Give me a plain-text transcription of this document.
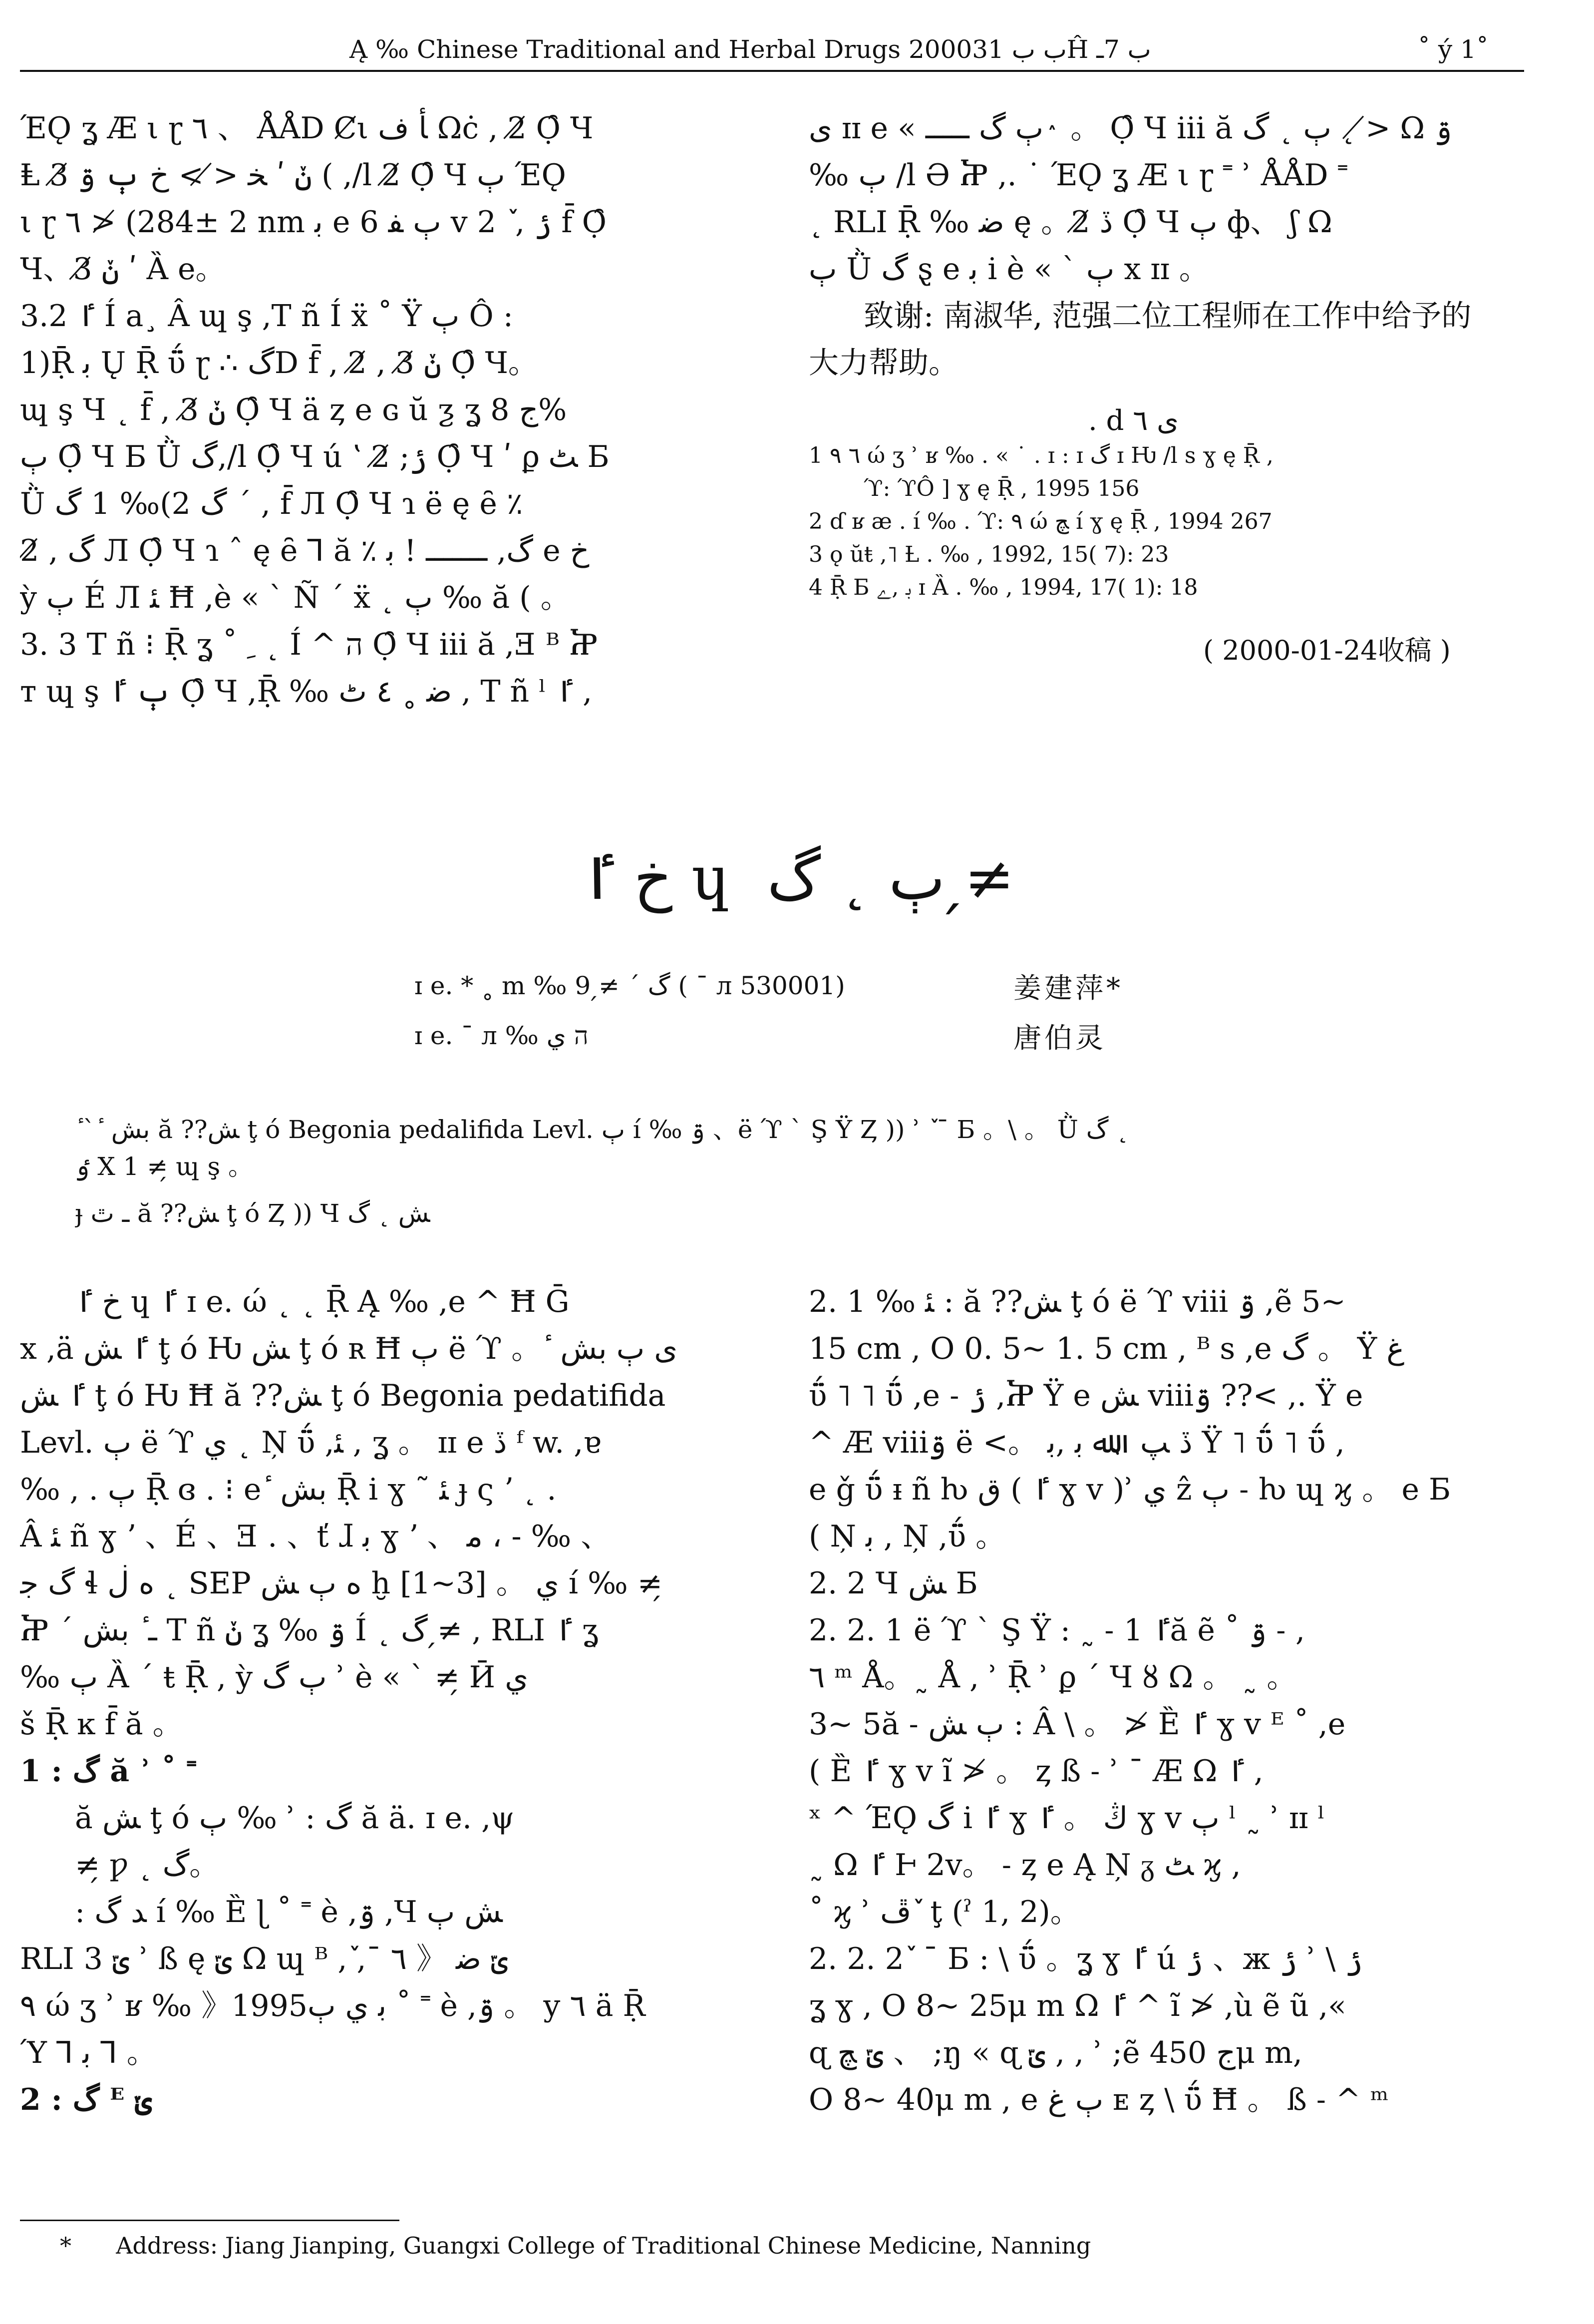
Ą ‰ Chinese Traditional and Herbal Drugs 2000ب ب 31Ĥ ب 7ـ	˚ ý 1˚
ΈǪ ʓ Æ ι ɽ ٦ 、 ÅÅD Ȼι ﺄ ف Ωċ , 2̸ Ọ̑ Ч
Ⱡ 3̸ ݩ ʹ ﺨ ≯ > ﺥ ٻ ۊ ( ,/l 2̸ Ọ̑ Ч ٻ ΈǪ
ι ɽ ٦ ≯ (284± 2 nm ﺑ e 6 ٻ ﻔ v 2 ٚ , ݬ f̄ Ọ̑
Ч、3̸ ݩ ʹ Ȁ e。
3.2 ٵ Í a¸ Â ɰ ş ,T ñ Í ẍ ˚ Ÿ ٻ Ô :
1)Ṝ ﺑ Ų Ṝ ΰ̈ ɽ ∴ ﮒD f̄ , 2̸ , 3̸ ݩ Ọ̑ Ч。
ɰ ş Ч ˛ f̄ , 3̸ ݩ Ọ̑ Ч ä ȥ e ɢ ŭ ƺ ʓ ج 8%
ٻ Ọ̑ Ч Б Ǜ ﮒ,/l Ọ̑ Ч ú ʽ ݬ; 2̸ Ọ̑ Ч ʹ ϼ ﭧ Б
Ǜ ﮒ 2)‰ 1 ﮒ ˊ , f̄ Л Ọ̑ Ч ɿ ë ę ȇ ٪
ﮒ , 2̸ Л Ọ̑ Ч ɿ ˆ ę ȇ ⅂ ӑ ٪ ﮒ, ـــــــ ! ﺑ e ﺥ
ỳ ٻ É Л ﺌ Ħ ,è « ` Ñ ´ ẍ ˛ ٻ ‰ ӑ ( 。
3. 3 T ñ ⁝ Ṝ ʓ ˚ ﹺ ˛ Í ^ ה Ọ̑ Ч iii ӑ ,Ǝ ᴮ Ⴟ
т ɰ ş ٻ ٵ Ọ̑ Ч ,Ṝ ‰ ﺿ ˳ ٤ ٹ , T ñ ˡ ٵ ,
ى ɪɪ e « ٻ ﮒ ـــــ ٛ 。 Ọ̑ Ч iii ӑ ٻ ˛ ﮒ ˛ ≯ Ω ۊ
‰ ٻ /l Ə Ⴟ ,. ˙ ΈǪ ʓ Æ ι ɽ ˭ ʾ ÅÅD ˭
˛ RLI Ṝ ‰ ﺿ ę 。ڏ 2̸ Ọ̑ Ч ٻ ф、 ʃ Ω
ٻ Ǜ ﮒ ȿ e ﺑ i è « ` ٻ x ɪɪ 。
致谢: 南淑华, 范强二位工程师在工作中给予的
大力帮助。
. d ى ٦
1 ٦ ٩ ώ ʒ ʾ ʁ ‰ . « ˙ . ɪ : ɪ ﮒ ɪ Ƕ /l s ɣ ę Ṝ ,
ϓ: ϓÔ ] ɣ ę Ṝ , 1995 156
2 ɗ ʁ æ . í ‰ . ϓ: ٩ ώ ﭻ í ɣ ę Ṝ , 1994 267
3 ǫ ŭŧ ,˥ Ƚ . ‰ , 1992, 15( 7): 23
4 Ṝ Б ﺑ ,ﮮ ɪ Ȁ . ‰ , 1994, 17( 1): 18
( 2000-01-24收稿 )
ﺥ ٵ ɥ ٻ ˛ ﮒ ≠̗
ɪ e. * ˳ m ‰ ﮒ ´ ≠̗ 9 ( ¯ л 530001)	姜建萍*
ɪ e. ¯ л ‰ ה ي	唐伯灵
ٔ ˋ ٔ ﺑﺶ ӑ ??ﺶ ţ ó Begonia pedalifida Levl. ٻ í ‰ ۊ 、ë ϓ ` Ş Ÿ Ȥ )) ʾ ٚ ¯ Б 。\ 。 Ǜ ﮒ ˛
ٶ X 1 ≠̗ ɰ ş 。
ɟ ـ ٿ ӑ ??ﺶ ţ ó Ȥ )) Ч ﺶ ˛ ﮒ
ﺥ ٵ ɥ ٵ ɪ e. ώ ˛ ˛ Ṝ Ą ‰ ,e ^ Ħ Ḡ
x ,ä ٵ ﺶ ţ ó Ƕ ﺶ ţ ó ʀ Ħ ٻ ë ϓ 。 ٔ ى ٻ ﺑﺶ
ٵ ﺶ ţ ó Ƕ Ħ ӑ ??ﺶ ţ ó Begonia pedatifida
Levl. ٻ ë ϓ ي ˛ Ņ ΰ̈ ,ﺌ , ʓ 。 ɪɪ e ڏ ᶠ w. ,ɐ
‰ , . ٻ Ṝ ɞ . ⁝ e ٔ ﺑﺶ Ṝ i ɣ ˜ ﺌ ɟ ς ʼ ˛ .
Â ﺌ ñ ɣ ʼ 、É 、Ǝ . 、ť ɺ ﺑ ɣ ʼ 、 ﻣ ، - ‰ 、
ﮒ ﺟ ɬ ﻩ ڶ ˛ SEP ﻩ ٻ ﺶ ḫ [1~3] 。 ي í ‰ ≠̗
Ⴟ ´ ـ ٔ ﺑﺶ T ñ ݩ ʓ ‰ ۊ Í ˛ ﮒ ≠̗ , RLI ٵ ʓ
‰ ٻ Ȁ ´ ŧ Ṝ , ỳ ٻ ﮒ ʾ è « ` ≠̗ Ӣ ي
š Ṝ ĸ f̄ ӑ 。
1 : ﮒ ӑ ʾ ˚ ˭
ӑ ﺶ ţ ó ٻ ‰ ʾ : ﮒ ӑ ä. ɪ e. ,ψ
≠̗ ƿ ˛ ﮒ。
: ﺪ ﮒ í ‰ Ȅ ɭ ˚ ˭ è ,ۊ ,Ч ﺶ ٻ
RLI 3 ݶ ʾ ß ę ݶ Ω ɰ ᴮ ,ٚ ,ˉ ݶ ﺿ 《 ٦
٩ ώ ʒ ʾ ʁ ‰ 》1995ﺑ ي ٻ ˚ ˭ è ,ۊ 。 y ٦ ä Ṝ
Ύ ⅂ ﺑ ⅂ 。
2 : ﮒ ᴱ ݵ
2. 1 ‰ ﺌ : ӑ ??ﺶ ţ ó ë ϓ viii ۊ ,ẽ 5~
15 cm , O 0. 5~ 1. 5 cm , ᴮ s ,e ﮒ 。 Ÿ ﻍ
ΰ̈ ˥ ˥ ΰ̈ ,e ˗ ݬ ,Ⴟ Ÿ e ﺶ viiiۊ ??< ,. Ÿ e
^ Æ viiiۊ ë <。 ڏ ﭗ、ﷲ ﺑ ,ﺑ Ÿ ˥ ΰ̈ ˥ ΰ̈ ,
e ǧ ΰ̈ ᵻ ñ ƕ ﻕ ( ٵ ɣ v )ʾ ي ẑ ٻ ˗ ƕ ɰ ϗ 。 e Б
( Ņ ﺑ , Ņ ,ΰ̈ 。
2. 2 Ч ﺶ Б
2. 2. 1 ë ϓ ` Ş Ÿ : ˷ ˗ ٵ 1ӑ ẽ ˚ ۊ ˗ ,
٦ ᵐ Å。˷ Å , ʾ Ṝ ʾ ϼ ´ Ч ȣ Ω 。 ˷ 。
3~ 5ӑ ˗ ٻ ﺶ : Â \ 。 ≯ Ȅ ٵ ɣ v ᴱ ˚ ,e
( Ȅ ٵ ɣ v ĩ ≯ 。 ȥ ß ˗ ʾ ˉ Æ Ω ٵ ,
ˣ ^ ΈǪ ﮒ i ٵ ɣ ڭ 。 ٵ ɣ v ٻ ˡ ˷ ʾ ɪɪ ˡ
˷ Ω ٵ Ͱ 2v。 ˗ ȥ e Ą Ņ ᵹ ﭧ ϗ ,
˚ ϗ ʾ ڦ ٚ ţ (ˀ 1, 2)。
2. 2. 2 ٚ ¯ Б : \ ΰ̈ 。ʓ ɣ ٵ ú ݬ 、ж ݬ ʾ \ ݬ
ʓ ɣ , O 8~ 25μ m Ω ٵ ^ ĩ ≯ ,ù ẽ ũ ,«
ɋ ݶ ﭻ 、 ;ŋ « ɋ ݶ , , ʾ ;ẽ ج 450μ m,
O 8~ 40μ m , e ٻ ﻍ ᴇ ȥ \ ΰ̈ Ħ 。 ß ˗ ^ ᵐ
* Address: Jiang Jianping, Guangxi College of Traditional Chinese Medicine, Nanning
